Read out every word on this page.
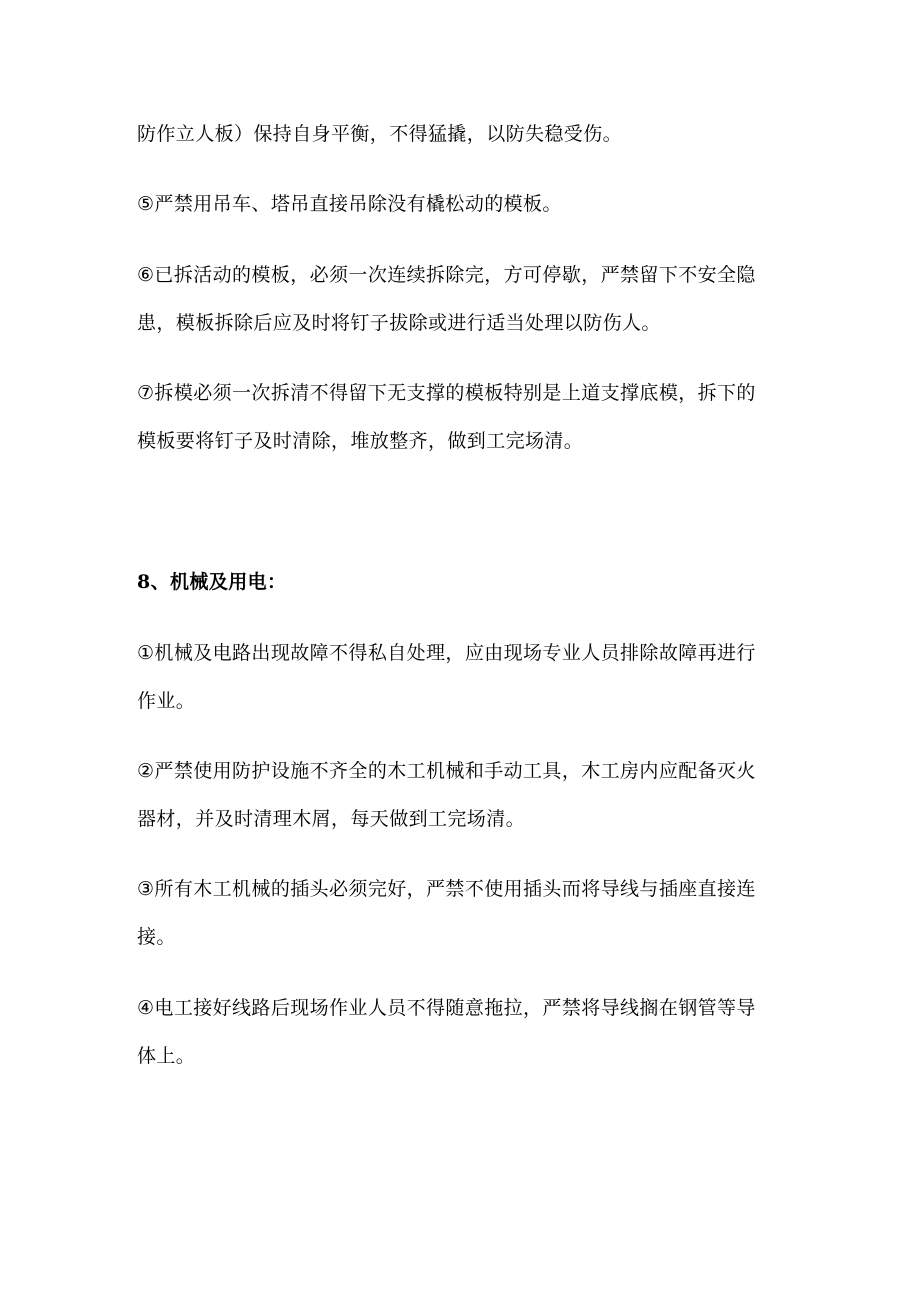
防作立人板）保持自身平衡，不得猛撬，以防失稳受伤。
⑤严禁用吊车、塔吊直接吊除没有橇松动的模板。
⑥已拆活动的模板，必须一次连续拆除完，方可停歇，严禁留下不安全隐
患，模板拆除后应及时将钉子拔除或进行适当处理以防伤人。
⑦拆模必须一次拆清不得留下无支撑的模板特别是上道支撑底模，拆下的
模板要将钉子及时清除，堆放整齐，做到工完场清。
8、机械及用电：
①机械及电路出现故障不得私自处理，应由现场专业人员排除故障再进行
作业。
②严禁使用防护设施不齐全的木工机械和手动工具，木工房内应配备灭火
器材，并及时清理木屑，每天做到工完场清。
③所有木工机械的插头必须完好，严禁不使用插头而将导线与插座直接连
接。
④电工接好线路后现场作业人员不得随意拖拉，严禁将导线搁在钢管等导
体上。
